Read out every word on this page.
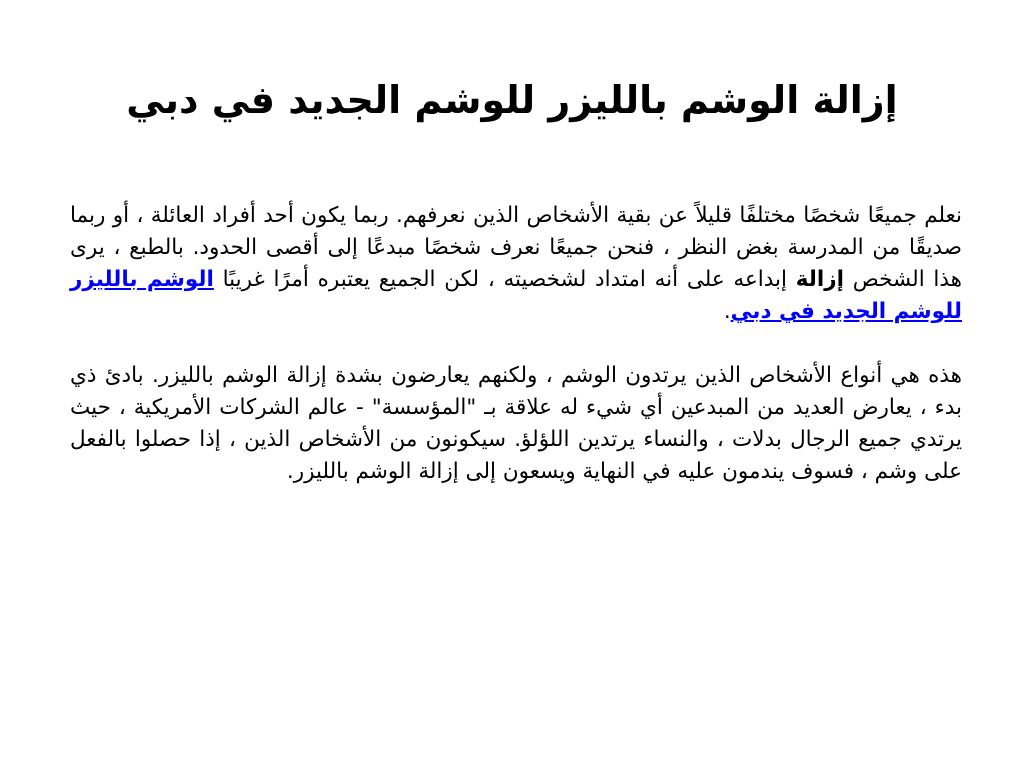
إزالة الوشم بالليزر للوشم الجديد في دبي

نعلم جميعًا شخصًا مختلفًا قليلاً عن بقية الأشخاص الذين نعرفهم. ربما يكون أحد أفراد العائلة ، أو ربما صديقًا من المدرسة بغض النظر ، فنحن جميعًا نعرف شخصًا مبدعًا إلى أقصى الحدود. بالطبع ، يرى هذا الشخص إزالة إبداعه على أنه امتداد لشخصيته ، لكن الجميع يعتبره أمرًا غريبًا الوشم بالليزر للوشم الجديد في دبي.

هذه هي أنواع الأشخاص الذين يرتدون الوشم ، ولكنهم يعارضون بشدة إزالة الوشم بالليزر. بادئ ذي بدء ، يعارض العديد من المبدعين أي شيء له علاقة بـ "المؤسسة" - عالم الشركات الأمريكية ، حيث يرتدي جميع الرجال بدلات ، والنساء يرتدين اللؤلؤ. سيكونون من الأشخاص الذين ، إذا حصلوا بالفعل على وشم ، فسوف يندمون عليه في النهاية ويسعون إلى إزالة الوشم بالليزر.
